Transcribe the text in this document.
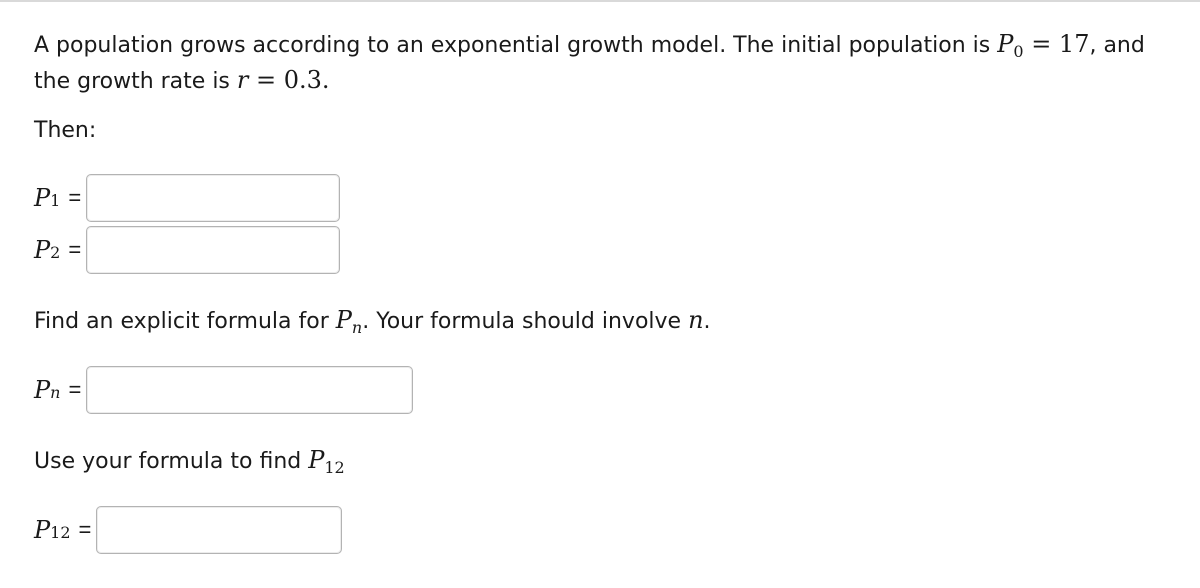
A population grows according to an exponential growth model. The initial population is $P_0 = 17$, and the growth rate is r = 0.3.
Then:
P 1 =
P 2 =
Find an explicit formula for $P_n$. Your formula should involve n.
P n =
Use your formula to find $P_{12}$
P 12 =
